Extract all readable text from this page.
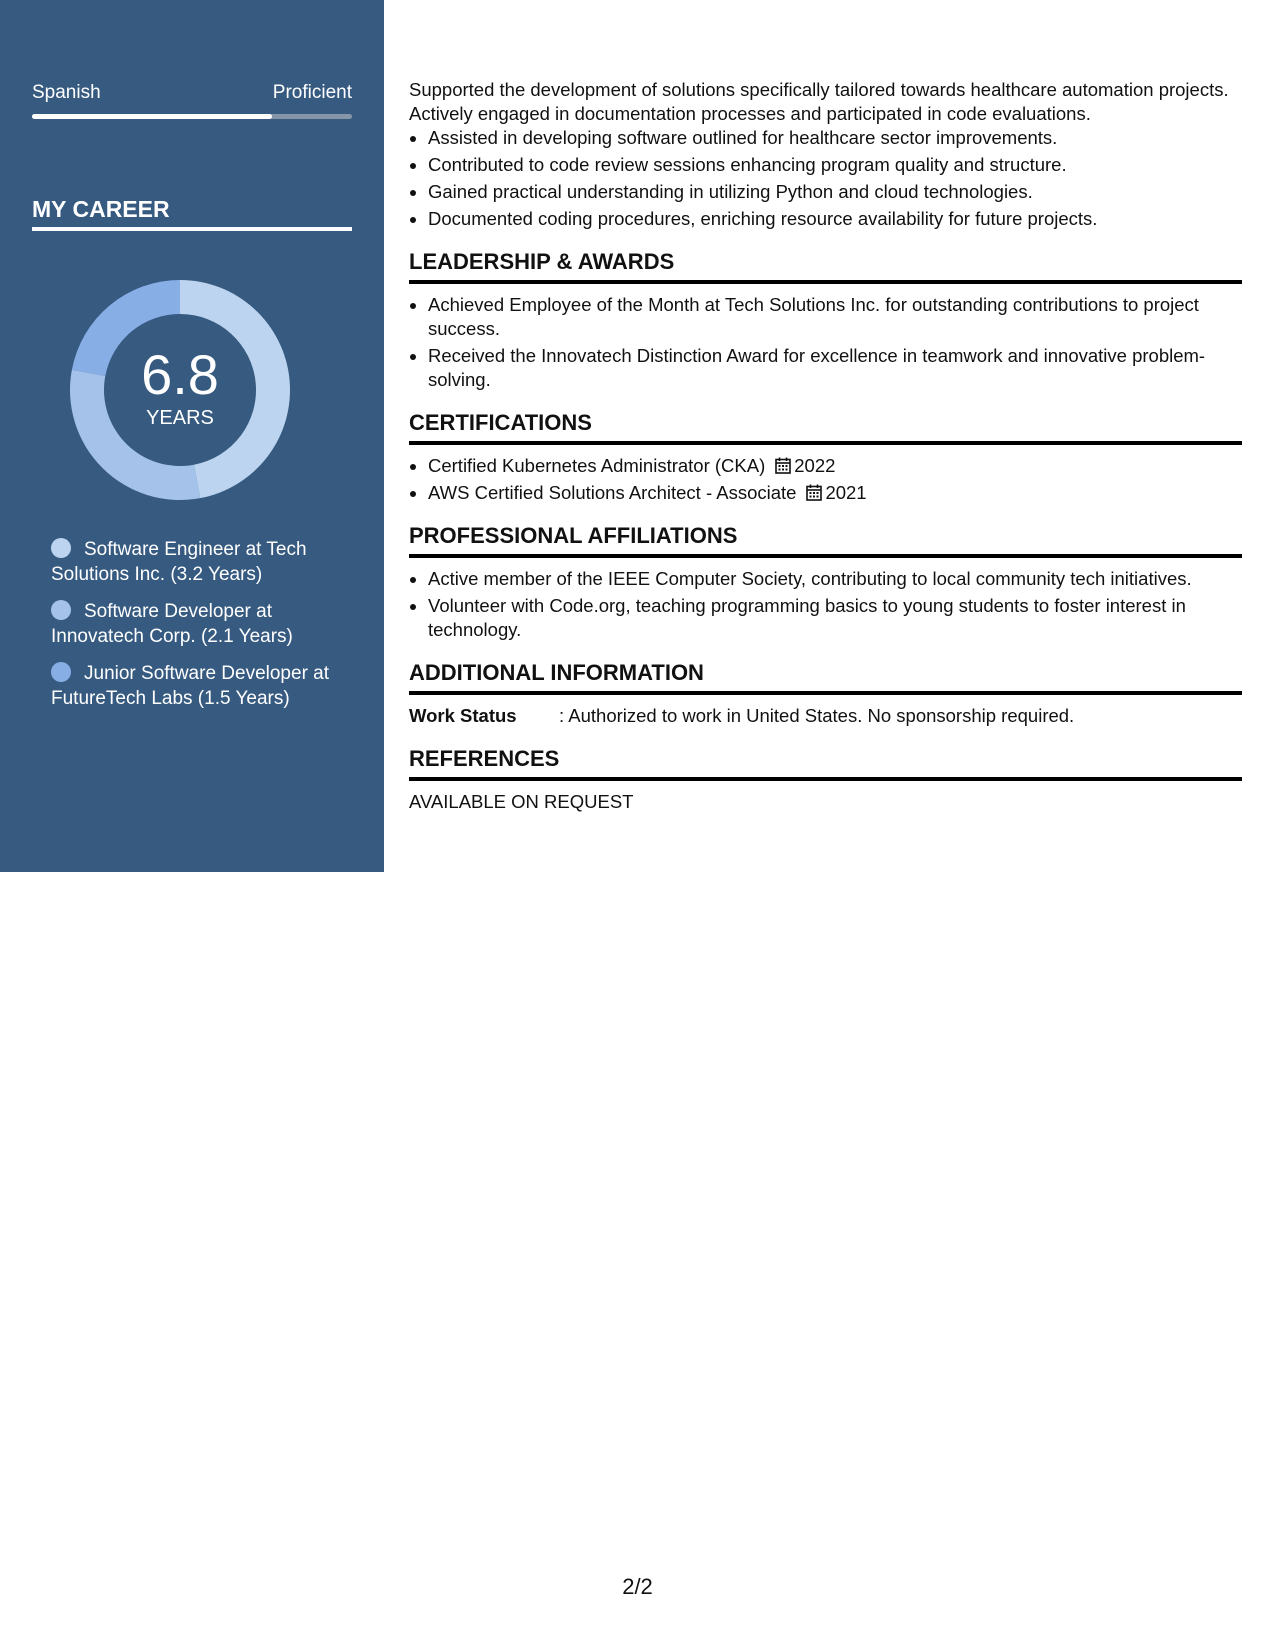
Spanish	Proficient
MY CAREER
6.8
YEARS
Software Engineer at Tech Solutions Inc. (3.2 Years)
Software Developer at Innovatech Corp. (2.1 Years)
Junior Software Developer at FutureTech Labs (1.5 Years)

Supported the development of solutions specifically tailored towards healthcare automation projects. Actively engaged in documentation processes and participated in code evaluations.

• Assisted in developing software outlined for healthcare sector improvements.
• Contributed to code review sessions enhancing program quality and structure.
• Gained practical understanding in utilizing Python and cloud technologies.
• Documented coding procedures, enriching resource availability for future projects.
LEADERSHIP & AWARDS
• Achieved Employee of the Month at Tech Solutions Inc. for outstanding contributions to project success.
• Received the Innovatech Distinction Award for excellence in teamwork and innovative problem-solving.
CERTIFICATIONS
• Certified Kubernetes Administrator (CKA) 2022
• AWS Certified Solutions Architect - Associate 2021
PROFESSIONAL AFFILIATIONS
• Active member of the IEEE Computer Society, contributing to local community tech initiatives.
• Volunteer with Code.org, teaching programming basics to young students to foster interest in technology.
ADDITIONAL INFORMATION
Work Status	: Authorized to work in United States. No sponsorship required.
REFERENCES
AVAILABLE ON REQUEST
2/2
